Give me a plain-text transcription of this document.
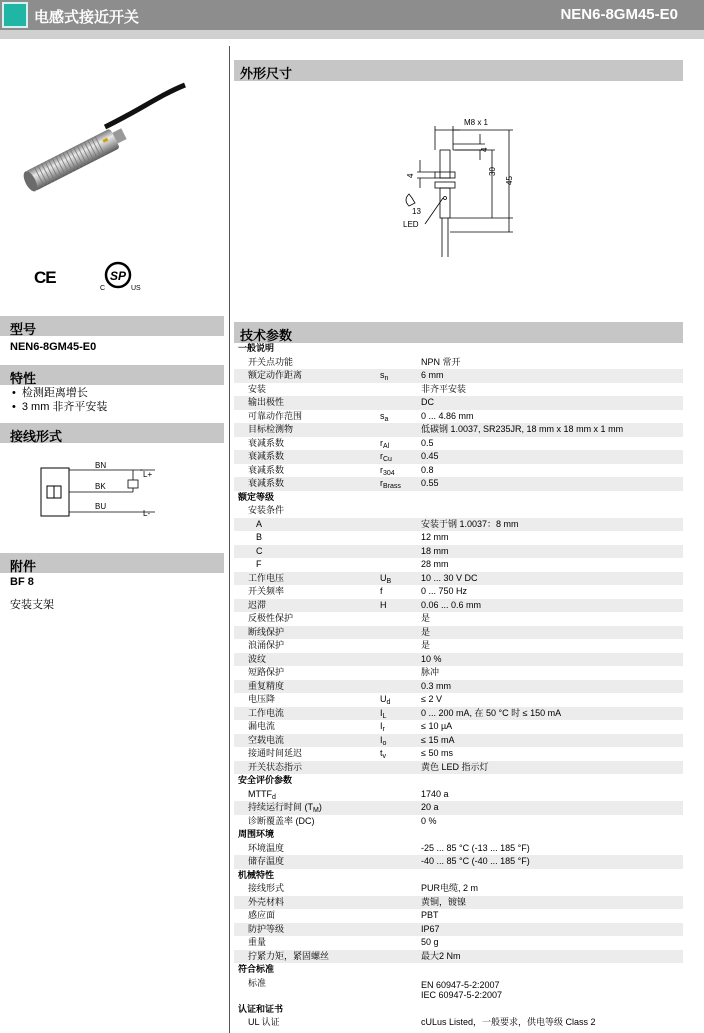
电感式接近开关	NEN6-8GM45-E0
CE	SP
C	US
型号
NEN6-8GM45-E0
特性
• 检测距离增长
• 3 mm 非齐平安装
接线形式
BN
BK
BU
L+
L-
附件
BF 8
安装支架
外形尺寸
M8 x 1
4
30
45
4
13
LED
技术参数
一般说明
开关点功能	NPN 常开
额定动作距离	$s_n$	6 mm
安装	非齐平安装
输出极性	DC
可靠动作范围	$s_a$	0 ... 4.86 mm
目标检测物	低碳钢 1.0037, SR235JR, 18 mm x 18 mm x 1 mm
衰减系数	$r_{Al}$	0.5
衰减系数	$r_{Cu}$	0.45
衰减系数	$r_{304}$	0.8
衰减系数	$r_{Brass}$ 0.55
额定等级
安装条件
A	安装于钢 1.0037：8 mm
B	12 mm
C	18 mm
F	28 mm
工作电压	$U_B$	10 ... 30 V DC
开关频率	f	0 ... 750 Hz
迟滞	H	0.06 ... 0.6 mm
反极性保护	是
断线保护	是
浪涌保护	是
波纹	10 %
短路保护	脉冲
重复精度	0.3 mm
电压降	$U_d$	≤ 2 V
工作电流	$I_L$	0 ... 200 mA, 在 50 °C 时 ≤ 150 mA
漏电流	$I_r$	≤ 10 µA
空载电流	$I_o$	≤ 15 mA
接通时间延迟	$t_v$	≤ 50 ms
开关状态指示	黄色 LED 指示灯
安全评价参数
$MTTF_d$	1740 a
持续运行时间 $(T_M)$	20 a
诊断覆盖率 (DC)	0 %
周围环境
环境温度	-25 ... 85 °C (-13 ... 185 °F)
储存温度	-40 ... 85 °C (-40 ... 185 °F)
机械特性
接线形式	PUR电缆, 2 m
外壳材料	黄铜，镀镍
感应面	PBT
防护等级	IP67
重量	50 g
拧紧力矩，紧固螺丝	最大2 Nm
符合标准
标准	EN 60947-5-2:2007
IEC 60947-5-2:2007
认证和证书
UL 认证	cULus Listed，一般要求，供电等级 Class 2
